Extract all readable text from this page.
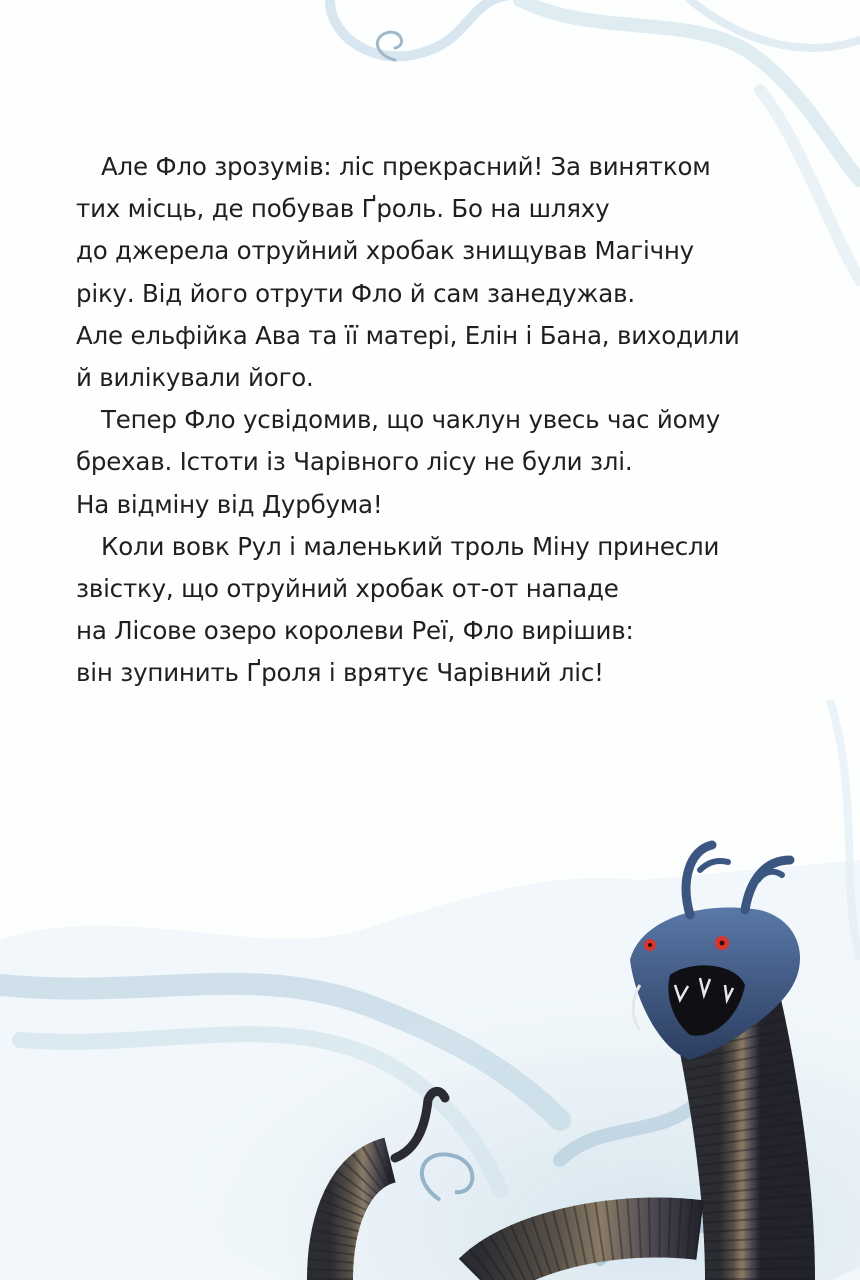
Але Фло зрозумів: ліс прекрасний! За винятком
тих місць, де побував Ґроль. Бо на шляху
до джерела отруйний хробак знищував Магічну
ріку. Від його отрути Фло й сам занедужав.
Але ельфійка Ава та її матері, Елін і Бана, виходили
й вилікували його.

Тепер Фло усвідомив, що чаклун увесь час йому
брехав. Істоти із Чарівного лісу не були злі.
На відміну від Дурбума!

Коли вовк Рул і маленький троль Міну принесли
звістку, що отруйний хробак от-от нападе
на Лісове озеро королеви Реї, Фло вирішив:
він зупинить Ґроля і врятує Чарівний ліс!
